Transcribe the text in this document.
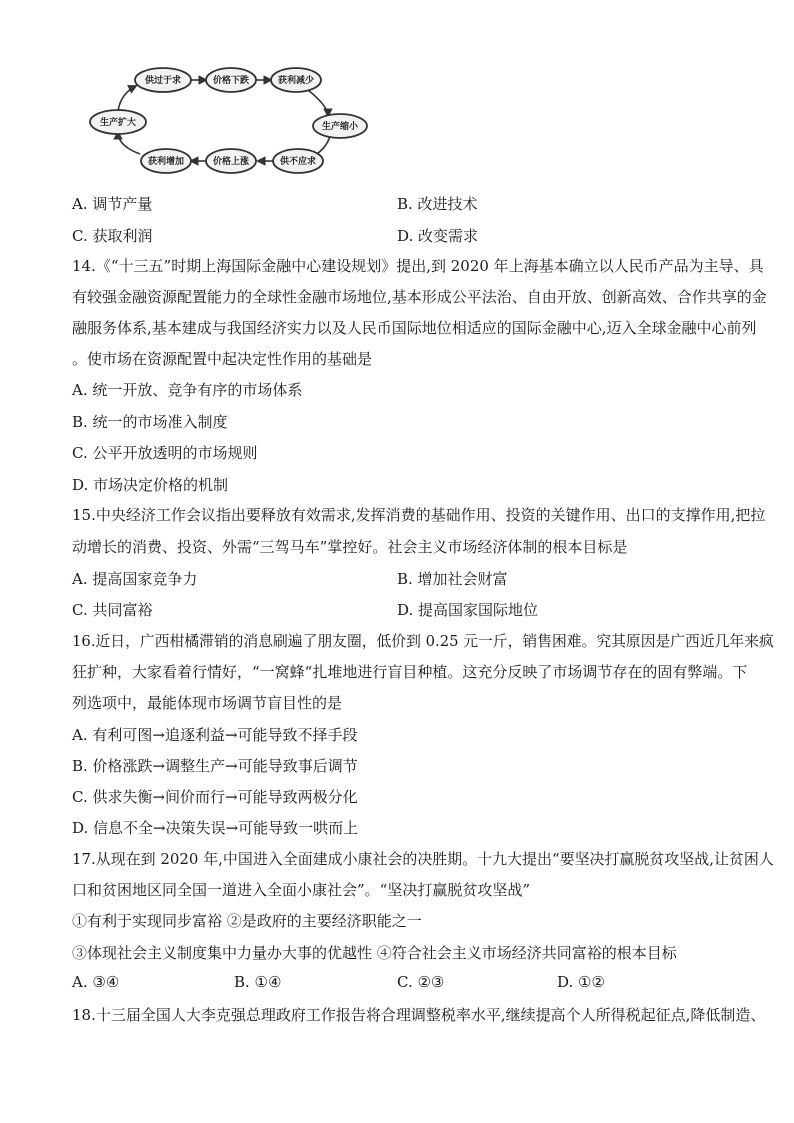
供过于求	价格下跌	获利减少
生产缩小
供不应求
价格上涨
获利增加
生产扩大
A. 调节产量	B. 改进技术
C. 获取利润	D. 改变需求
14.《“十三五”时期上海国际金融中心建设规划》提出,到 2020 年上海基本确立以人民币产品为主导、具
有较强金融资源配置能力的全球性金融市场地位,基本形成公平法治、自由开放、创新高效、合作共享的金
融服务体系,基本建成与我国经济实力以及人民币国际地位相适应的国际金融中心,迈入全球金融中心前列
。使市场在资源配置中起决定性作用的基础是
A. 统一开放、竞争有序的市场体系
B. 统一的市场准入制度
C. 公平开放透明的市场规则
D. 市场决定价格的机制
15.中央经济工作会议指出要释放有效需求,发挥消费的基础作用、投资的关键作用、出口的支撑作用,把拉
动增长的消费、投资、外需“三驾马车”掌控好。社会主义市场经济体制的根本目标是
A. 提高国家竞争力	B. 增加社会财富
C. 共同富裕	D. 提高国家国际地位
16.近日，广西柑橘滞销的消息刷遍了朋友圈，低价到 0.25 元一斤，销售困难。究其原因是广西近几年来疯
狂扩种，大家看着行情好，“一窝蜂“扎堆地进行盲目种植。这充分反映了市场调节存在的固有弊端。下
列选项中，最能体现市场调节盲目性的是
A. 有利可图→追逐利益→可能导致不择手段
B. 价格涨跌→调整生产→可能导致事后调节
C. 供求失衡→间价而行→可能导致两极分化
D. 信息不全→决策失误→可能导致一哄而上
17.从现在到 2020 年,中国进入全面建成小康社会的决胜期。十九大提出“要坚决打赢脱贫攻坚战,让贫困人
口和贫困地区同全国一道进入全面小康社会”。“坚决打赢脱贫攻坚战”
①有利于实现同步富裕 ②是政府的主要经济职能之一
③体现社会主义制度集中力量办大事的优越性 ④符合社会主义市场经济共同富裕的根本目标
A. ③④	B. ①④	C. ②③	D. ①②
18.十三届全国人大李克强总理政府工作报告将合理调整税率水平,继续提高个人所得税起征点,降低制造、
